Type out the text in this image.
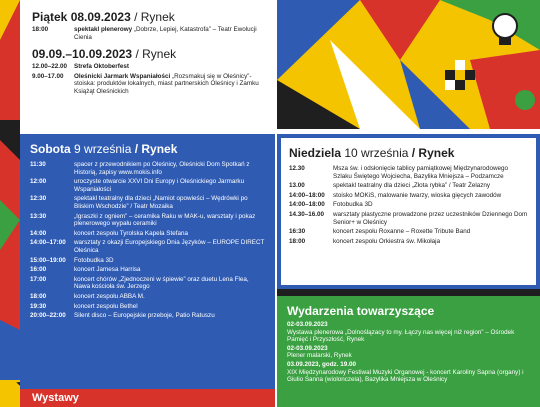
Piątek 08.09.2023 / Rynek
18:00	spektakl plenerowy „Dobrze, Lepiej, Katastrofa” – Teatr Ewolucji Cienia
09.09.–10.09.2023 / Rynek
12.00–22.00	Strefa Oktoberfest
9.00–17.00	Oleśnicki Jarmark Wspaniałości „Rozsmakuj się w Oleśnicy”- stoiska: produktów lokalnych, miast partnerskich Oleśnicy i Zamku Książąt Oleśnickich
Sobota 9 września / Rynek
11:30	spacer z przewodnikiem po Oleśnicy, Oleśnicki Dom Spotkań z Historią, zapisy www.mokis.info
12:00	uroczyste otwarcie XXVI Dni Europy i Oleśnickiego Jarmarku Wspaniałości
12:30	spektakl teatralny dla dzieci „Namiot opowieści – Wędrówki po Bliskim Wschodzie” / Teatr Mozaika
13:30	„Igraszki z ogniem” – ceramika Raku w MAK-u, warsztaty i pokaz plenerowego wypału ceramiki
14:00	koncert zespołu Tyrolska Kapela Stefana
14:00–17:00	warsztaty z okazji Europejskiego Dnia Języków – EUROPE DIRECT Oleśnica
15:00–19:00	Fotobudka 3D
16:00	koncert Jamesa Harrisa
17:00	koncert chórów „Zjednoczeni w śpiewie” oraz duetu Lena Flea, Nawa kościoła św. Jerzego
18:00	koncert zespołu ABBA M.
19:30	koncert zespołu Bethel
20:00–22:00	Silent disco – Europejskie przeboje, Patio Ratuszu
Wystawy
Niedziela 10 września / Rynek
12.30	Msza św. i odsłonięcie tablicy pamiątkowej Międzynarodowego Szlaku Świętego Wojciecha, Bazylika Mniejsza – Podzamcze
13.00	spektakl teatralny dla dzieci „Złota rybka” / Teatr Żelazny
14:00–18:00	stoisko MOKiS, malowanie twarzy, wioska gięcych zawodów
14:00–18:00	Fotobudka 3D
14.30–16.00	warsztaty plastyczne prowadzone przez uczestników Dziennego Dom Senior+ w Oleśnicy
16:30	koncert zespołu Roxanne – Roxette Tribute Band
18:00	koncert zespołu Orkiestra św. Mikołaja
Wydarzenia towarzyszące
02-03.09.2023
Wystawa plenerowa „Dolnoślązacy to my. Łączy nas więcej niż region” – Ośrodek Pamięć i Przyszłość, Rynek
02-03.09.2023
Plener malarski, Rynek
03.09.2023, godz. 19.00
XIX Międzynarodowy Festiwal Muzyki Organowej - koncert Karoliny Sapna (organy) i Giulio Sanna (wiolonczela), Bazylika Mniejsza w Oleśnicy
